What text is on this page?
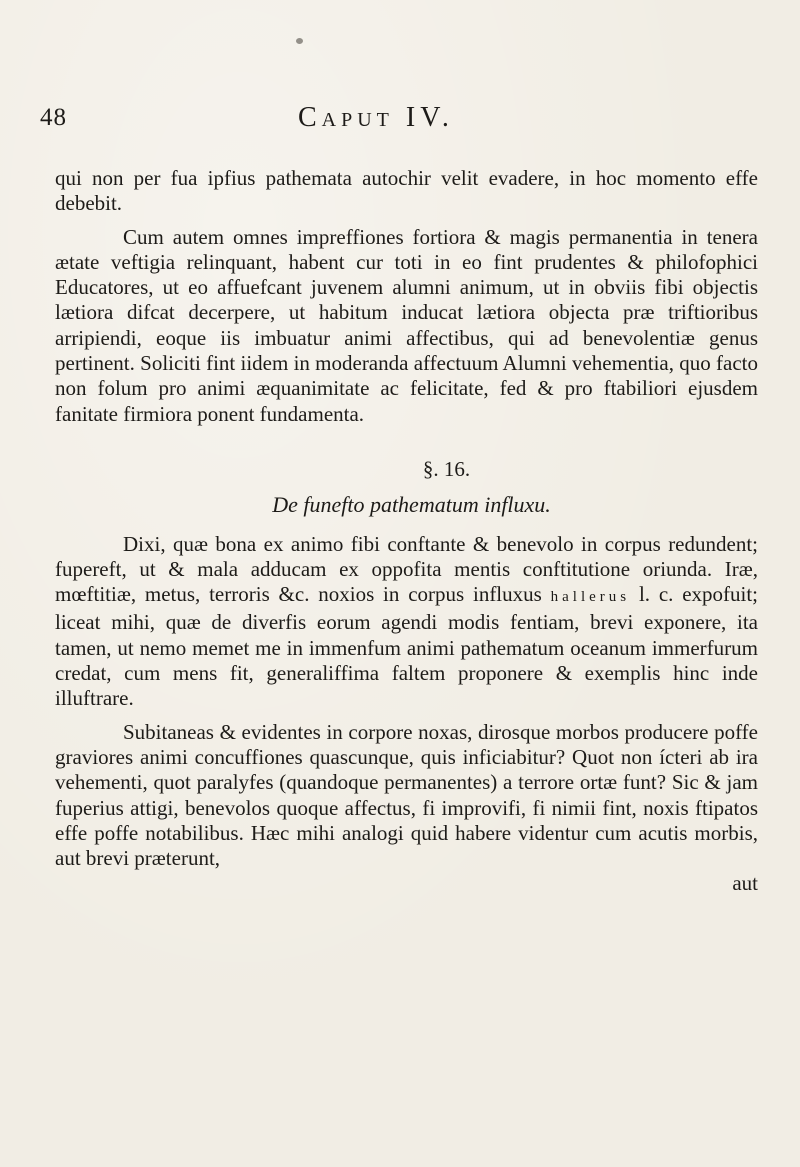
48	Caput IV.

qui non per fua ipfius pathemata autochir velit evadere, in hoc momento effe debebit.

Cum autem omnes impreffiones fortiora & magis permanentia in tenera ætate veftigia relinquant, habent cur toti in eo fint prudentes & philofophici Educatores, ut eo affuefcant juvenem alumni animum, ut in obviis fibi objectis lætiora difcat decerpere, ut habitum inducat lætiora objecta præ triftioribus arripiendi, eoque iis imbuatur animi affectibus, qui ad benevolentiæ genus pertinent. Soliciti fint iidem in moderanda affectuum Alumni vehementia, quo facto non folum pro animi æquanimitate ac felicitate, fed & pro ftabiliori ejusdem fanitate firmiora ponent fundamenta.

§. 16.
De funefto pathematum influxu.

Dixi, quæ bona ex animo fibi conftante & benevolo in corpus redundent; fupereft, ut & mala adducam ex oppofita mentis conftitutione oriunda. Iræ, mœftitiæ, metus, terroris &c. noxios in corpus influxus hallerus l. c. expofuit; liceat mihi, quæ de diverfis eorum agendi modis fentiam, brevi exponere, ita tamen, ut nemo memet me in immenfum animi pathematum oceanum immerfurum credat, cum mens fit, generaliffima faltem proponere & exemplis hinc inde illuftrare.

Subitaneas & evidentes in corpore noxas, dirosque morbos producere poffe graviores animi concuffiones quascunque, quis inficiabitur? Quot non ícteri ab ira vehementi, quot paralyfes (quandoque permanentes) a terrore ortæ funt? Sic & jam fuperius attigi, benevolos quoque affectus, fi improvifi, fi nimii fint, noxis ftipatos effe poffe notabilibus. Hæc mihi analogi quid habere videntur cum acutis morbis, aut brevi præterunt,

aut
